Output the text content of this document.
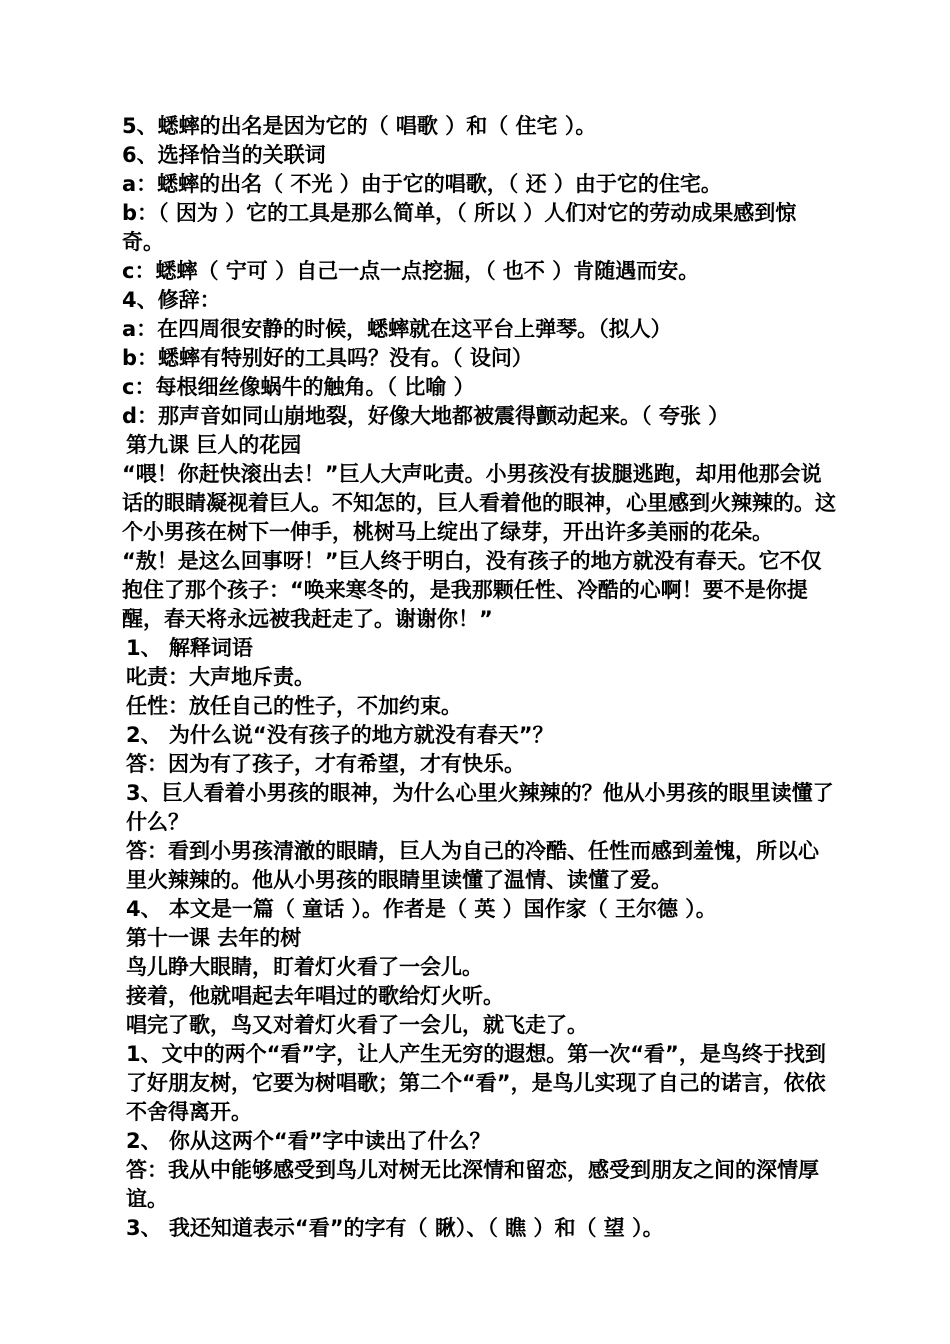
5、蟋蟀的出名是因为它的（ 唱歌 ）和（ 住宅 ）。

6、选择恰当的关联词

a：蟋蟀的出名（ 不光 ）由于它的唱歌，（ 还 ）由于它的住宅。

b：（ 因为 ）它的工具是那么简单，（ 所以 ）人们对它的劳动成果感到惊奇。

c：蟋蟀（ 宁可 ）自己一点一点挖掘，（ 也不 ）肯随遇而安。

4、修辞：

a：在四周很安静的时候，蟋蟀就在这平台上弹琴。（拟人）

b：蟋蟀有特别好的工具吗？没有。（ 设问）

c：每根细丝像蜗牛的触角。（ 比喻 ）

d：那声音如同山崩地裂，好像大地都被震得颤动起来。（ 夸张 ）

第九课 巨人的花园

“喂！你赶快滚出去！”巨人大声叱责。小男孩没有拔腿逃跑，却用他那会说话的眼睛凝视着巨人。不知怎的，巨人看着他的眼神，心里感到火辣辣的。这个小男孩在树下一伸手，桃树马上绽出了绿芽，开出许多美丽的花朵。

“敖！是这么回事呀！”巨人终于明白，没有孩子的地方就没有春天。它不仅抱住了那个孩子：“唤来寒冬的，是我那颗任性、冷酷的心啊！要不是你提醒，春天将永远被我赶走了。谢谢你！”

1、 解释词语

叱责：大声地斥责。

任性：放任自己的性子，不加约束。

2、 为什么说“没有孩子的地方就没有春天”？

答：因为有了孩子，才有希望，才有快乐。

3、巨人看着小男孩的眼神，为什么心里火辣辣的？他从小男孩的眼里读懂了什么？

答：看到小男孩清澈的眼睛，巨人为自己的冷酷、任性而感到羞愧，所以心里火辣辣的。他从小男孩的眼睛里读懂了温情、读懂了爱。

4、 本文是一篇（ 童话 ）。作者是（ 英 ）国作家（ 王尔德 ）。

第十一课 去年的树

鸟儿睁大眼睛，盯着灯火看了一会儿。

接着，他就唱起去年唱过的歌给灯火听。

唱完了歌，鸟又对着灯火看了一会儿，就飞走了。

1、文中的两个“看”字，让人产生无穷的遐想。第一次“看”，是鸟终于找到了好朋友树，它要为树唱歌；第二个“看”，是鸟儿实现了自己的诺言，依依不舍得离开。

2、 你从这两个“看”字中读出了什么？

答：我从中能够感受到鸟儿对树无比深情和留恋，感受到朋友之间的深情厚谊。

3、 我还知道表示“看”的字有（ 瞅）、（ 瞧 ）和（ 望 ）。
